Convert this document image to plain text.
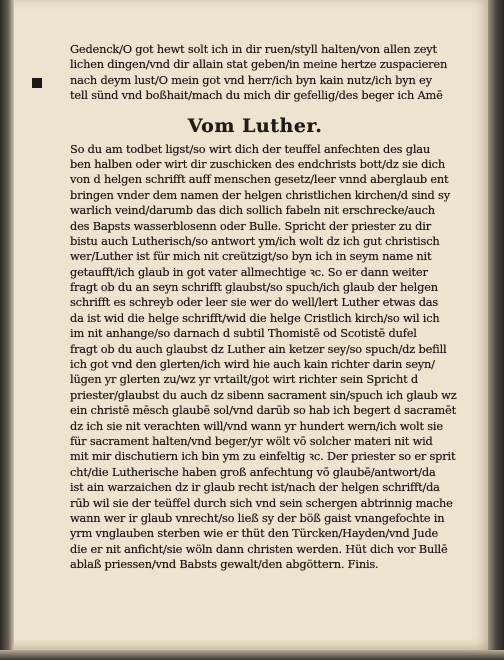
Gedenck/O got hewt solt ich in dir ruen/styll halten/von allen zeyt
lichen dingen/vnd dir allain stat geben/in meine hertze zuspacieren
nach deym lust/O mein got vnd herr/ich byn kain nutz/ich byn ey
tell sünd vnd boßhait/mach du mich dir gefellig/des beger ich Amē
Vom Luther.
So du am todbet ligst/so wirt dich der teuffel anfechten des glau
ben halben oder wirt dir zuschicken des endchrists bott/dz sie dich
von d helgen schrifft auff menschen gesetz/leer vnnd aberglaub ent
bringen vnder dem namen der helgen christlichen kirchen/d sind sy
warlich veind/darumb das dich sollich fabeln nit erschrecke/auch
des Bapsts wasserblosenn oder Bulle. Spricht der priester zu dir
bistu auch Lutherisch/so antwort ym/ich wolt dz ich gut christisch
wer/Luther ist für mich nit creützigt/so byn ich in seym name nit
getaufft/ich glaub in got vater allmechtige ꝛc. So er dann weiter
fragt ob du an seyn schrifft glaubst/so spuch/ich glaub der helgen
schrifft es schreyb oder leer sie wer do well/lert Luther etwas das
da ist wid die helge schrifft/wid die helge Cristlich kirch/so wil ich
im nit anhange/so darnach d subtil Thomistē od Scotistē dufel
fragt ob du auch glaubst dz Luther ain ketzer sey/so spuch/dz befill
ich got vnd den glerten/ich wird hie auch kain richter darin seyn/
lügen yr glerten zu/wz yr vrtailt/got wirt richter sein Spricht d
priester/glaubst du auch dz sibenn sacrament sin/spuch ich glaub wz
ein christē mēsch glaubē sol/vnd darūb so hab ich begert d sacramēt
dz ich sie nit verachten will/vnd wann yr hundert wern/ich wolt sie
für sacrament halten/vnd beger/yr wölt vō solcher materi nit wid
mit mir dischutiern ich bin ym zu einfeltig ꝛc. Der priester so er sprit
cht/die Lutherische haben groß anfechtung vō glaubē/antwort/da
ist ain warzaichen dz ir glaub recht ist/nach der helgen schrifft/da
rūb wil sie der teüffel durch sich vnd sein schergen abtrinnig mache
wann wer ir glaub vnrecht/so ließ sy der böß gaist vnangefochte in
yrm vnglauben sterben wie er thüt den Türcken/Hayden/vnd Jude
die er nit anficht/sie wöln dann christen werden. Hüt dich vor Bullē
ablaß priessen/vnd Babsts gewalt/den abgöttern. Finis.
